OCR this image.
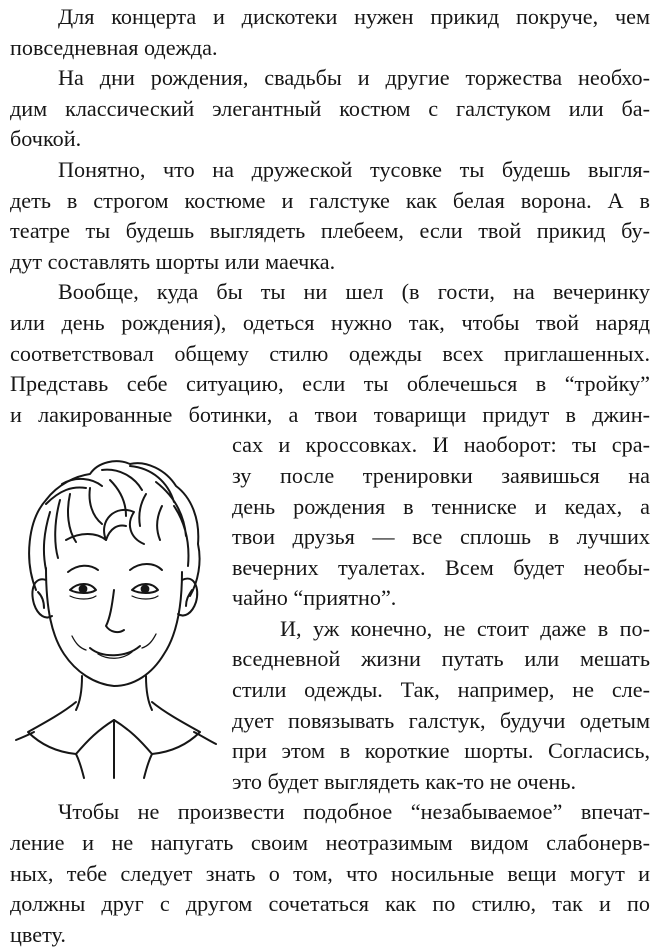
Для концерта и дискотеки нужен прикид покруче, чем
повседневная одежда.

На дни рождения, свадьбы и другие торжества необхо-
дим классический элегантный костюм с галстуком или ба-
бочкой.

Понятно, что на дружеской тусовке ты будешь выгля-
деть в строгом костюме и галстуке как белая ворона. А в
театре ты будешь выглядеть плебеем, если твой прикид бу-
дут составлять шорты или маечка.

Вообще, куда бы ты ни шел (в гости, на вечеринку
или день рождения), одеться нужно так, чтобы твой наряд
соответствовал общему стилю одежды всех приглашенных.
Представь себе ситуацию, если ты облечешься в “тройку”
и лакированные ботинки, а твои товарищи придут в джин-

сах и кроссовках. И наоборот: ты сра-
зу после тренировки заявишься на
день рождения в тенниске и кедах, а
твои друзья — все сплошь в лучших
вечерних туалетах. Всем будет необы-
чайно “приятно”.

И, уж конечно, не стоит даже в по-
вседневной жизни путать или мешать
стили одежды. Так, например, не сле-
дует повязывать галстук, будучи одетым
при этом в короткие шорты. Согласись,
это будет выглядеть как-то не очень.

Чтобы не произвести подобное “незабываемое” впечат-
ление и не напугать своим неотразимым видом слабонерв-
ных, тебе следует знать о том, что носильные вещи могут и
должны друг с другом сочетаться как по стилю, так и по
цвету.
